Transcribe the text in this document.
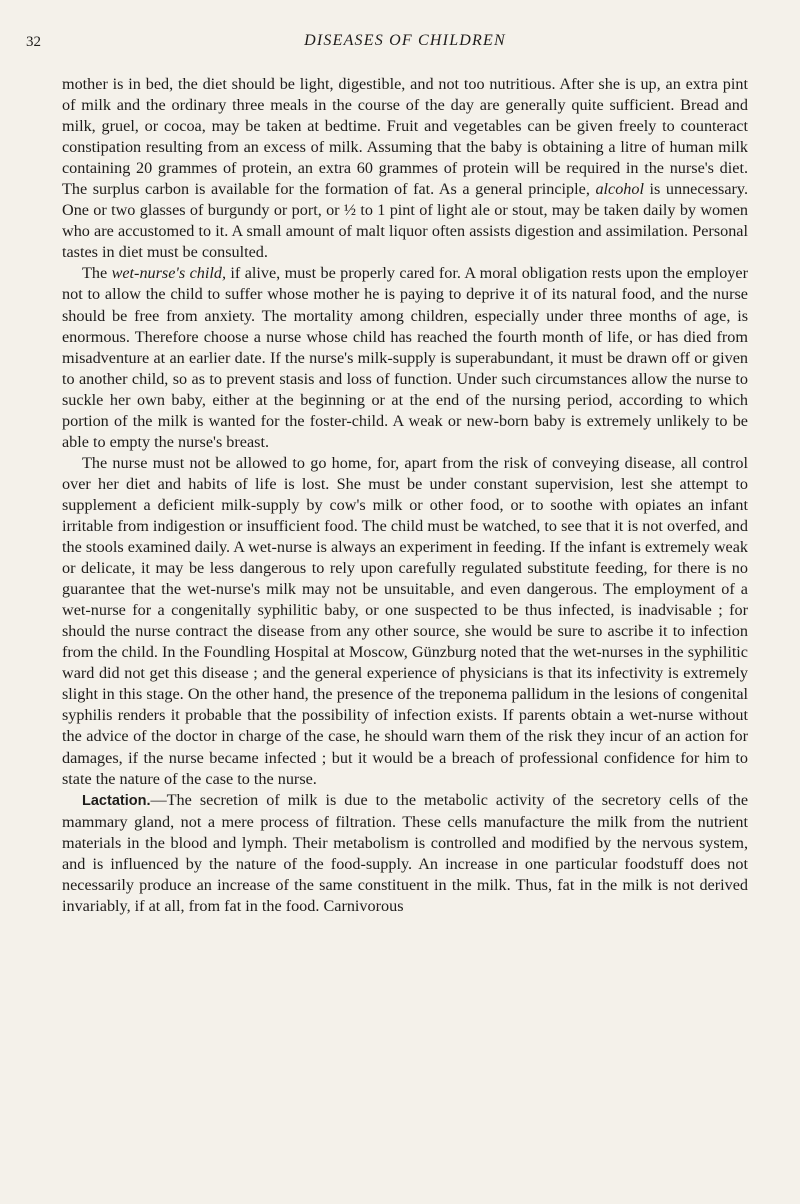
32	DISEASES OF CHILDREN

mother is in bed, the diet should be light, digestible, and not too nutritious. After she is up, an extra pint of milk and the ordinary three meals in the course of the day are generally quite sufficient. Bread and milk, gruel, or cocoa, may be taken at bedtime. Fruit and vegetables can be given freely to counteract constipation resulting from an excess of milk. Assuming that the baby is obtaining a litre of human milk containing 20 grammes of protein, an extra 60 grammes of protein will be required in the nurse's diet. The surplus carbon is available for the formation of fat. As a general principle, alcohol is unnecessary. One or two glasses of burgundy or port, or ½ to 1 pint of light ale or stout, may be taken daily by women who are accustomed to it. A small amount of malt liquor often assists digestion and assimilation. Personal tastes in diet must be consulted.

The wet-nurse's child, if alive, must be properly cared for. A moral obligation rests upon the employer not to allow the child to suffer whose mother he is paying to deprive it of its natural food, and the nurse should be free from anxiety. The mortality among children, especially under three months of age, is enormous. Therefore choose a nurse whose child has reached the fourth month of life, or has died from misadventure at an earlier date. If the nurse's milk-supply is superabundant, it must be drawn off or given to another child, so as to prevent stasis and loss of function. Under such circumstances allow the nurse to suckle her own baby, either at the beginning or at the end of the nursing period, according to which portion of the milk is wanted for the foster-child. A weak or new-born baby is extremely unlikely to be able to empty the nurse's breast.

The nurse must not be allowed to go home, for, apart from the risk of conveying disease, all control over her diet and habits of life is lost. She must be under constant supervision, lest she attempt to supplement a deficient milk-supply by cow's milk or other food, or to soothe with opiates an infant irritable from indigestion or insufficient food. The child must be watched, to see that it is not overfed, and the stools examined daily. A wet-nurse is always an experiment in feeding. If the infant is extremely weak or delicate, it may be less dangerous to rely upon carefully regulated substitute feeding, for there is no guarantee that the wet-nurse's milk may not be unsuitable, and even dangerous. The employment of a wet-nurse for a congenitally syphilitic baby, or one suspected to be thus infected, is inadvisable ; for should the nurse contract the disease from any other source, she would be sure to ascribe it to infection from the child. In the Foundling Hospital at Moscow, Günzburg noted that the wet-nurses in the syphilitic ward did not get this disease ; and the general experience of physicians is that its infectivity is extremely slight in this stage. On the other hand, the presence of the treponema pallidum in the lesions of congenital syphilis renders it probable that the possibility of infection exists. If parents obtain a wet-nurse without the advice of the doctor in charge of the case, he should warn them of the risk they incur of an action for damages, if the nurse became infected ; but it would be a breach of professional confidence for him to state the nature of the case to the nurse.

Lactation.—The secretion of milk is due to the metabolic activity of the secretory cells of the mammary gland, not a mere process of filtration. These cells manufacture the milk from the nutrient materials in the blood and lymph. Their metabolism is controlled and modified by the nervous system, and is influenced by the nature of the food-supply. An increase in one particular foodstuff does not necessarily produce an increase of the same constituent in the milk. Thus, fat in the milk is not derived invariably, if at all, from fat in the food. Carnivorous
